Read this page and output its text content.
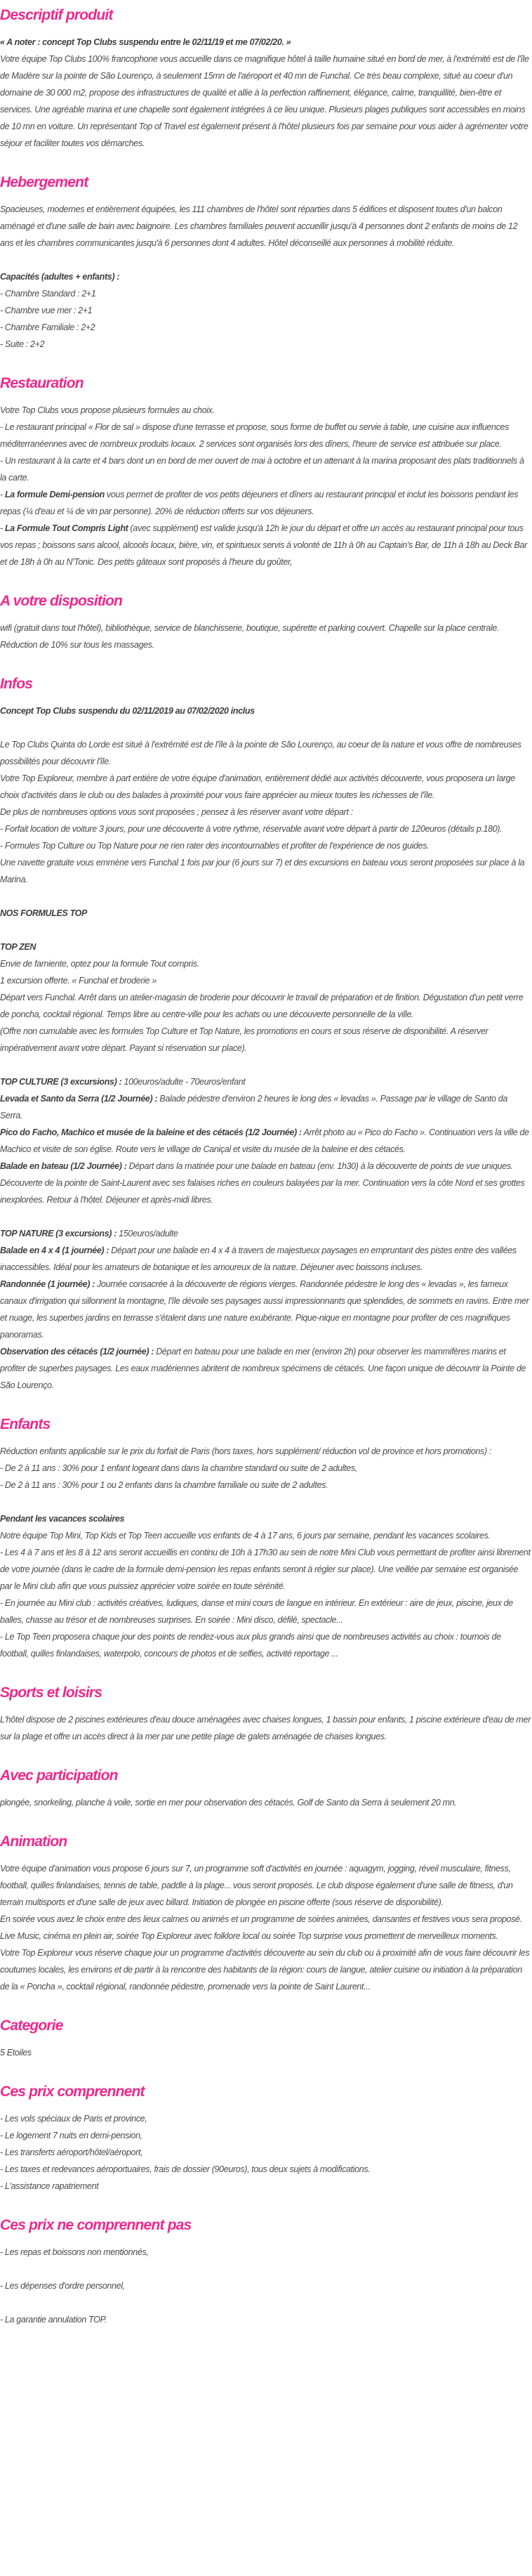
Descriptif produit

« A noter : concept Top Clubs suspendu entre le 02/11/19 et me 07/02/20. »

Votre équipe Top Clubs 100% francophone vous accueille dans ce magnifique hôtel à taille humaine situé en bord de mer, à l'extrémité est de l'île de Madère sur la pointe de São Lourenço, à seulement 15mn de l'aéroport et 40 mn de Funchal. Ce très beau complexe, situé au coeur d'un domaine de 30 000 m2, propose des infrastructures de qualité et allie à la perfection raffinement, élégance, calme, tranquillité, bien-être et services. Une agréable marina et une chapelle sont également intégrées à ce lieu unique. Plusieurs plages publiques sont accessibles en moins de 10 mn en voiture. Un représentant Top of Travel est également présent à l'hôtel plusieurs fois par semaine pour vous aider à agrémenter votre séjour et faciliter toutes vos démarches.

Hebergement

Spacieuses, modernes et entièrement équipées, les 111 chambres de l'hôtel sont réparties dans 5 édifices et disposent toutes d'un balcon aménagé et d'une salle de bain avec baignoire. Les chambres familiales peuvent accueillir jusqu'à 4 personnes dont 2 enfants de moins de 12 ans et les chambres communicantes jusqu'à 6 personnes dont 4 adultes. Hôtel déconseillé aux personnes à mobilité réduite.

Capacités (adultes + enfants) :

- Chambre Standard : 2+1

- Chambre vue mer : 2+1

- Chambre Familiale : 2+2

- Suite : 2+2

Restauration

Votre Top Clubs vous propose plusieurs formules au choix.

- Le restaurant principal « Flor de sal » dispose d'une terrasse et propose, sous forme de buffet ou servie à table, une cuisine aux influences méditerranéennes avec de nombreux produits locaux. 2 services sont organisés lors des dîners, l'heure de service est attribuée sur place.

- Un restaurant à la carte et 4 bars dont un en bord de mer ouvert de mai à octobre et un attenant à la marina proposant des plats traditionnels à la carte.

- La formule Demi-pension vous permet de profiter de vos petits déjeuners et dîners au restaurant principal et inclut les boissons pendant les repas (¼ d'eau et ¼ de vin par personne). 20% de réduction offerts sur vos déjeuners.

- La Formule Tout Compris Light (avec supplément) est valide jusqu'à 12h le jour du départ et offre un accès au restaurant principal pour tous vos repas ; boissons sans alcool, alcools locaux, bière, vin, et spiritueux servis à volonté de 11h à 0h au Captain's Bar, de 11h à 18h au Deck Bar et de 18h à 0h au N'Tonic. Des petits gâteaux sont proposés à l'heure du goûter,

A votre disposition

wifi (gratuit dans tout l'hôtel), bibliothèque, service de blanchisserie, boutique, supérette et parking couvert. Chapelle sur la place centrale. Réduction de 10% sur tous les massages.

Infos

Concept Top Clubs suspendu du 02/11/2019 au 07/02/2020 inclus

Le Top Clubs Quinta do Lorde est situé à l'extrémité est de l'île à la pointe de São Lourenço, au coeur de la nature et vous offre de nombreuses possibilités pour découvrir l'île.

Votre Top Exploreur, membre à part entière de votre équipe d'animation, entièrement dédié aux activités découverte, vous proposera un large choix d'activités dans le club ou des balades à proximité pour vous faire apprécier au mieux toutes les richesses de l'île.

De plus de nombreuses options vous sont proposées ; pensez à les réserver avant votre départ :

- Forfait location de voiture 3 jours, pour une découverte à votre rythme, réservable avant votre départ à partir de 120euros (détails p.180).

- Formules Top Culture ou Top Nature pour ne rien rater des incontournables et profiter de l'expérience de nos guides.

Une navette gratuite vous emmène vers Funchal 1 fois par jour (6 jours sur 7) et des excursions en bateau vous seront proposées sur place à la Marina.

NOS FORMULES TOP

TOP ZEN

Envie de farniente, optez pour la formule Tout compris.

1 excursion offerte. « Funchal et broderie »

Départ vers Funchal. Arrêt dans un atelier-magasin de broderie pour découvrir le travail de préparation et de finition. Dégustation d'un petit verre de poncha, cocktail régional. Temps libre au centre-ville pour les achats ou une découverte personnelle de la ville.

(Offre non cumulable avec les formules Top Culture et Top Nature, les promotions en cours et sous réserve de disponibilité. A réserver impérativement avant votre départ. Payant si réservation sur place).

TOP CULTURE (3 excursions) : 100euros/adulte - 70euros/enfant

Levada et Santo da Serra (1/2 Journée) : Balade pédestre d'environ 2 heures le long des « levadas ». Passage par le village de Santo da Serra.

Pico do Facho, Machico et musée de la baleine et des cétacés (1/2 Journée) : Arrêt photo au « Pico do Facho ». Continuation vers la ville de Machico et visite de son église. Route vers le village de Caniçal et visite du musée de la baleine et des cétacés.

Balade en bateau (1/2 Journée) : Départ dans la matinée pour une balade en bateau (env. 1h30) à la découverte de points de vue uniques. Découverte de la pointe de Saint-Laurent avec ses falaises riches en couleurs balayées par la mer. Continuation vers la côte Nord et ses grottes inexplorées. Retour à l'hôtel. Déjeuner et après-midi libres.

TOP NATURE (3 excursions) : 150euros/adulte

Balade en 4 x 4 (1 journée) : Départ pour une balade en 4 x 4 à travers de majestueux paysages en empruntant des pistes entre des vallées inaccessibles. Idéal pour les amateurs de botanique et les amoureux de la nature. Déjeuner avec boissons incluses.

Randonnée (1 journée) : Journée consacrée à la découverte de régions vierges. Randonnée pédestre le long des « levadas », les fameux canaux d'irrigation qui sillonnent la montagne, l'île dévoile ses paysages aussi impressionnants que splendides, de sommets en ravins. Entre mer et nuage, les superbes jardins en terrasse s'étalent dans une nature exubérante. Pique-nique en montagne pour profiter de ces magnifiques panoramas.

Observation des cétacés (1/2 journée) : Départ en bateau pour une balade en mer (environ 2h) pour observer les mammifères marins et profiter de superbes paysages. Les eaux madériennes abritent de nombreux spécimens de cétacés. Une façon unique de découvrir la Pointe de São Lourenço.

Enfants

Réduction enfants applicable sur le prix du forfait de Paris (hors taxes, hors supplément/ réduction vol de province et hors promotions) :

- De 2 à 11 ans : 30% pour 1 enfant logeant dans dans la chambre standard ou suite de 2 adultes,

- De 2 à 11 ans : 30% pour 1 ou 2 enfants dans la chambre familiale ou suite de 2 adultes.

Pendant les vacances scolaires

Notre équipe Top Mini, Top Kids et Top Teen accueille vos enfants de 4 à 17 ans, 6 jours par semaine, pendant les vacances scolaires.

- Les 4 à 7 ans et les 8 à 12 ans seront accueillis en continu de 10h à 17h30 au sein de notre Mini Club vous permettant de profiter ainsi librement de votre journée (dans le cadre de la formule demi-pension les repas enfants seront à régler sur place). Une veillée par semaine est organisée par le Mini club afin que vous puissiez apprécier votre soirée en toute sérénité.

- En journée au Mini club : activités créatives, ludiques, danse et mini cours de langue en intérieur. En extérieur : aire de jeux, piscine, jeux de balles, chasse au trésor et de nombreuses surprises. En soirée : Mini disco, défilé, spectacle...

- Le Top Teen proposera chaque jour des points de rendez-vous aux plus grands ainsi que de nombreuses activités au choix : tournois de football, quilles finlandaises, waterpolo, concours de photos et de selfies, activité reportage ...

Sports et loisirs

L'hôtel dispose de 2 piscines extérieures d'eau douce aménagées avec chaises longues, 1 bassin pour enfants, 1 piscine extérieure d'eau de mer sur la plage et offre un accès direct à la mer par une petite plage de galets aménagée de chaises longues.

Avec participation

plongée, snorkeling, planche à voile, sortie en mer pour observation des cétacés. Golf de Santo da Serra à seulement 20 mn.

Animation

Votre équipe d'animation vous propose 6 jours sur 7, un programme soft d'activités en journée : aquagym, jogging, réveil musculaire, fitness, football, quilles finlandaises, tennis de table, paddle à la plage... vous seront proposés. Le club dispose également d'une salle de fitness, d'un terrain multisports et d'une salle de jeux avec billard. Initiation de plongée en piscine offerte (sous réserve de disponibilité).

En soirée vous avez le choix entre des lieux calmes ou animés et un programme de soirées animées, dansantes et festives vous sera proposé. Live Music, cinéma en plein air, soirée Top Exploreur avec folklore local ou soirée Top surprise vous promettent de merveilleux moments.

Votre Top Exploreur vous réserve chaque jour un programme d'activités découverte au sein du club ou à proximité afin de vous faire découvrir les coutumes locales, les environs et de partir à la rencontre des habitants de la région: cours de langue, atelier cuisine ou initiation à la préparation de la « Poncha », cocktail régional, randonnée pédestre, promenade vers la pointe de Saint Laurent...

Categorie

5 Etoiles

Ces prix comprennent

- Les vols spéciaux de Paris et province,

- Le logement 7 nuits en demi-pension,

- Les transferts aéroport/hôtel/aéroport,

- Les taxes et redevances aéroportuaires, frais de dossier (90euros), tous deux sujets à modifications.

- L'assistance rapatriement

Ces prix ne comprennent pas

- Les repas et boissons non mentionnés,

- Les dépenses d'ordre personnel,

- La garantie annulation TOP.
